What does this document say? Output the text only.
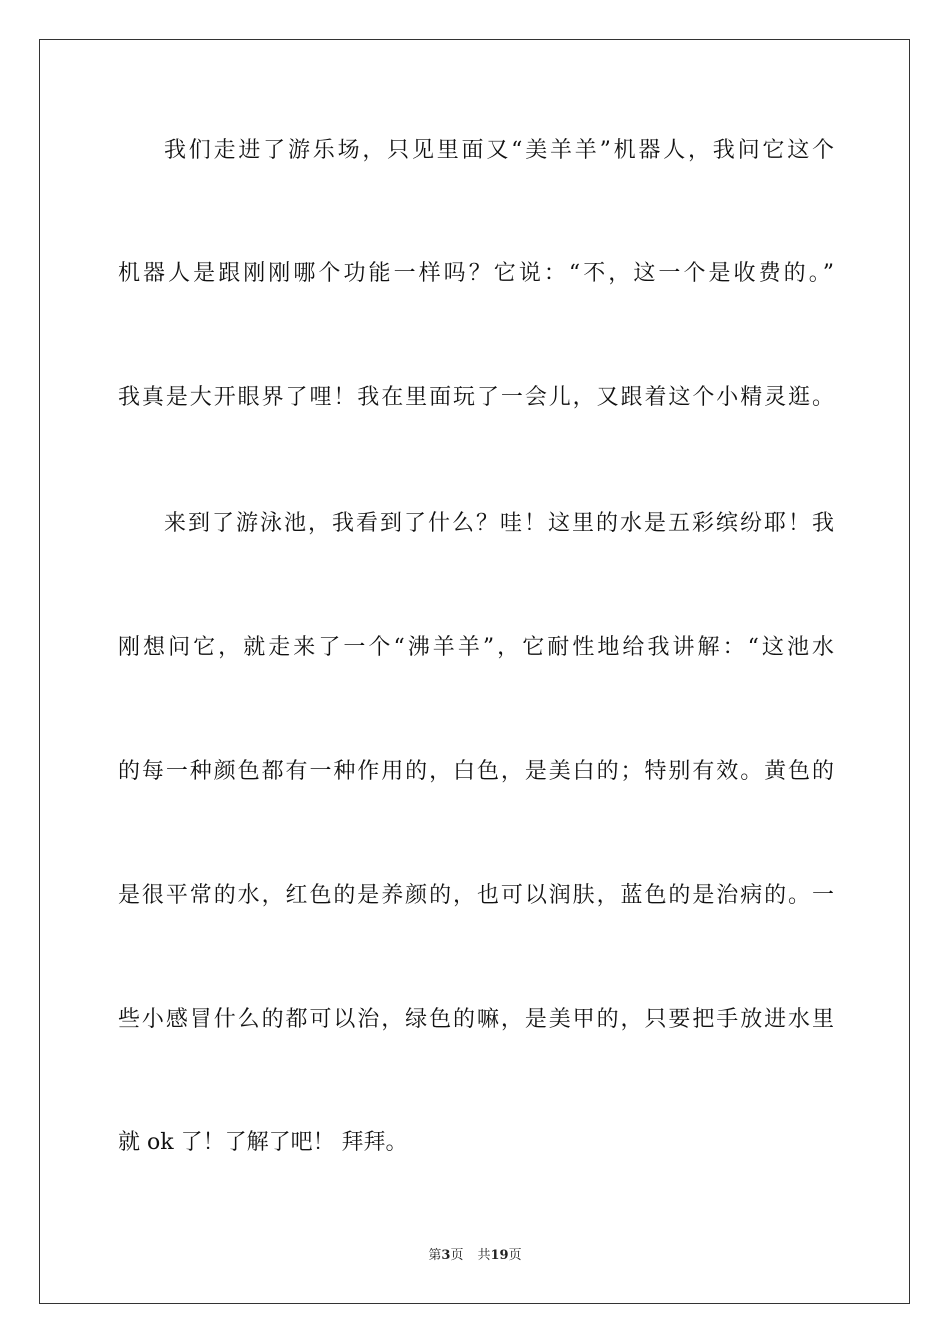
我们走进了游乐场，只见里面又“美羊羊”机器人，我问它这个
机器人是跟刚刚哪个功能一样吗？它说：“不，这一个是收费的。”
我真是大开眼界了哩！我在里面玩了一会儿，又跟着这个小精灵逛。
来到了游泳池，我看到了什么？哇！这里的水是五彩缤纷耶！我
刚想问它，就走来了一个“沸羊羊”，它耐性地给我讲解：“这池水
的每一种颜色都有一种作用的，白色，是美白的；特别有效。黄色的
是很平常的水，红色的是养颜的，也可以润肤，蓝色的是治病的。一
些小感冒什么的都可以治，绿色的嘛，是美甲的，只要把手放进水里
就 ok 了！了解了吧！ 拜拜。
第3页 共19页
